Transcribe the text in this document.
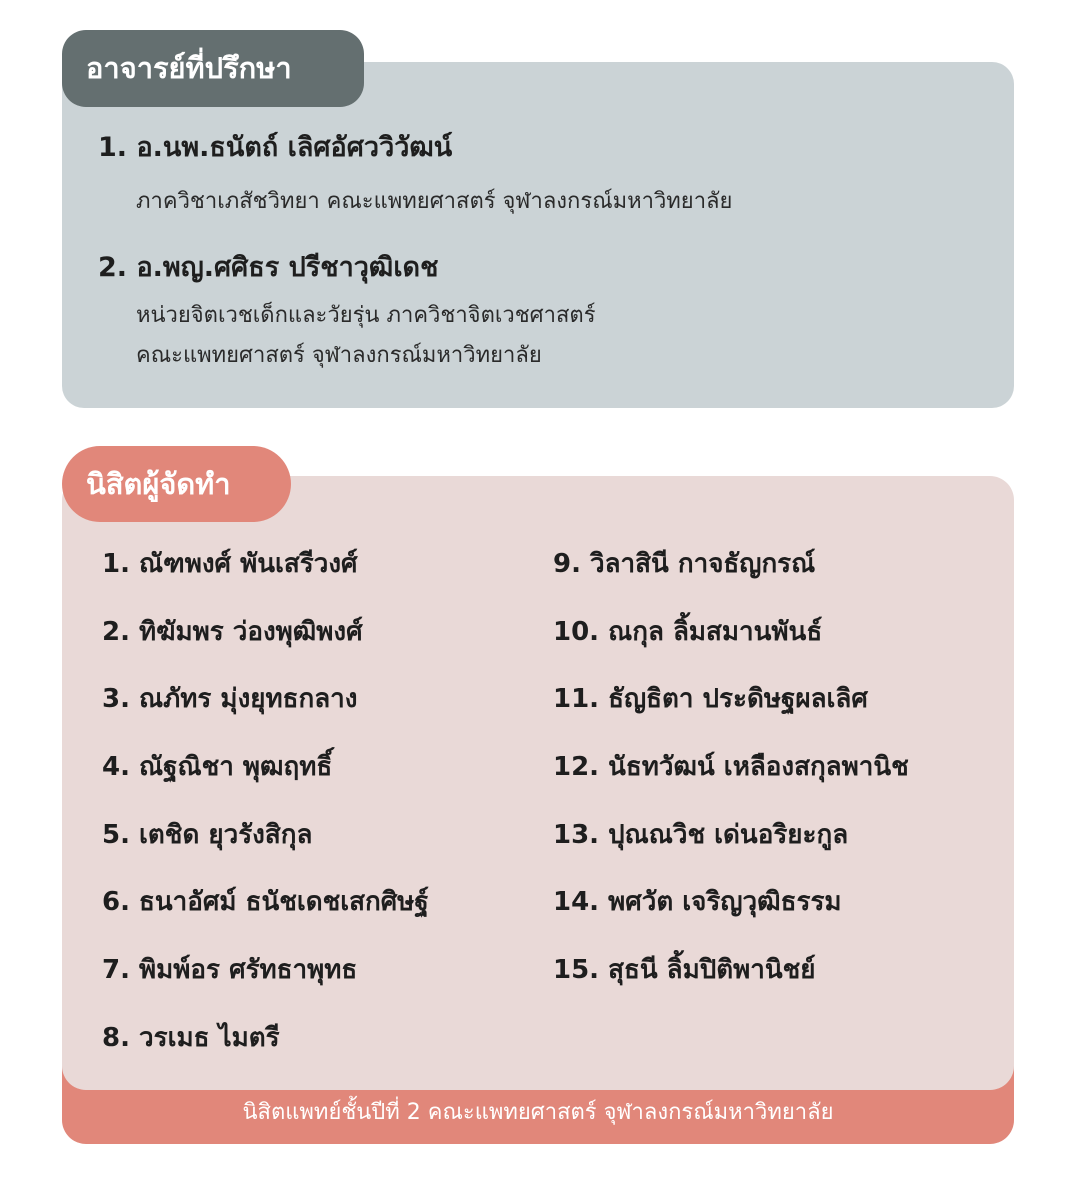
อาจารย์ที่ปรึกษา
1. อ.นพ.ธนัตถ์ เลิศอัศววิวัฒน์
ภาควิชาเภสัชวิทยา คณะแพทยศาสตร์ จุฬาลงกรณ์มหาวิทยาลัย
2. อ.พญ.ศศิธร ปรีชาวุฒิเดช
หน่วยจิตเวชเด็กและวัยรุ่น ภาควิชาจิตเวชศาสตร์
คณะแพทยศาสตร์ จุฬาลงกรณ์มหาวิทยาลัย
นิสิตแพทย์ชั้นปีที่ 2 คณะแพทยศาสตร์ จุฬาลงกรณ์มหาวิทยาลัย
นิสิตผู้จัดทำ
1. ณัฑพงศ์ พันเสรีวงศ์
2. ทิฆัมพร ว่องพุฒิพงศ์
3. ณภัทร มุ่งยุทธกลาง
4. ณัฐณิชา พุฒฤทธิ์
5. เตชิด ยุวรังสิกุล
6. ธนาอัศม์ ธนัชเดชเสกศิษฐ์
7. พิมพ์อร ศรัทธาพุทธ
8. วรเมธ ไมตรี
9. วิลาสินี กาจธัญกรณ์
10. ณกุล ลิ้มสมานพันธ์
11. ธัญธิตา ประดิษฐผลเลิศ
12. นัธทวัฒน์ เหลืองสกุลพานิช
13. ปุณณวิช เด่นอริยะกูล
14. พศวัต เจริญวุฒิธรรม
15. สุธนี ลิ้มปิติพานิชย์
